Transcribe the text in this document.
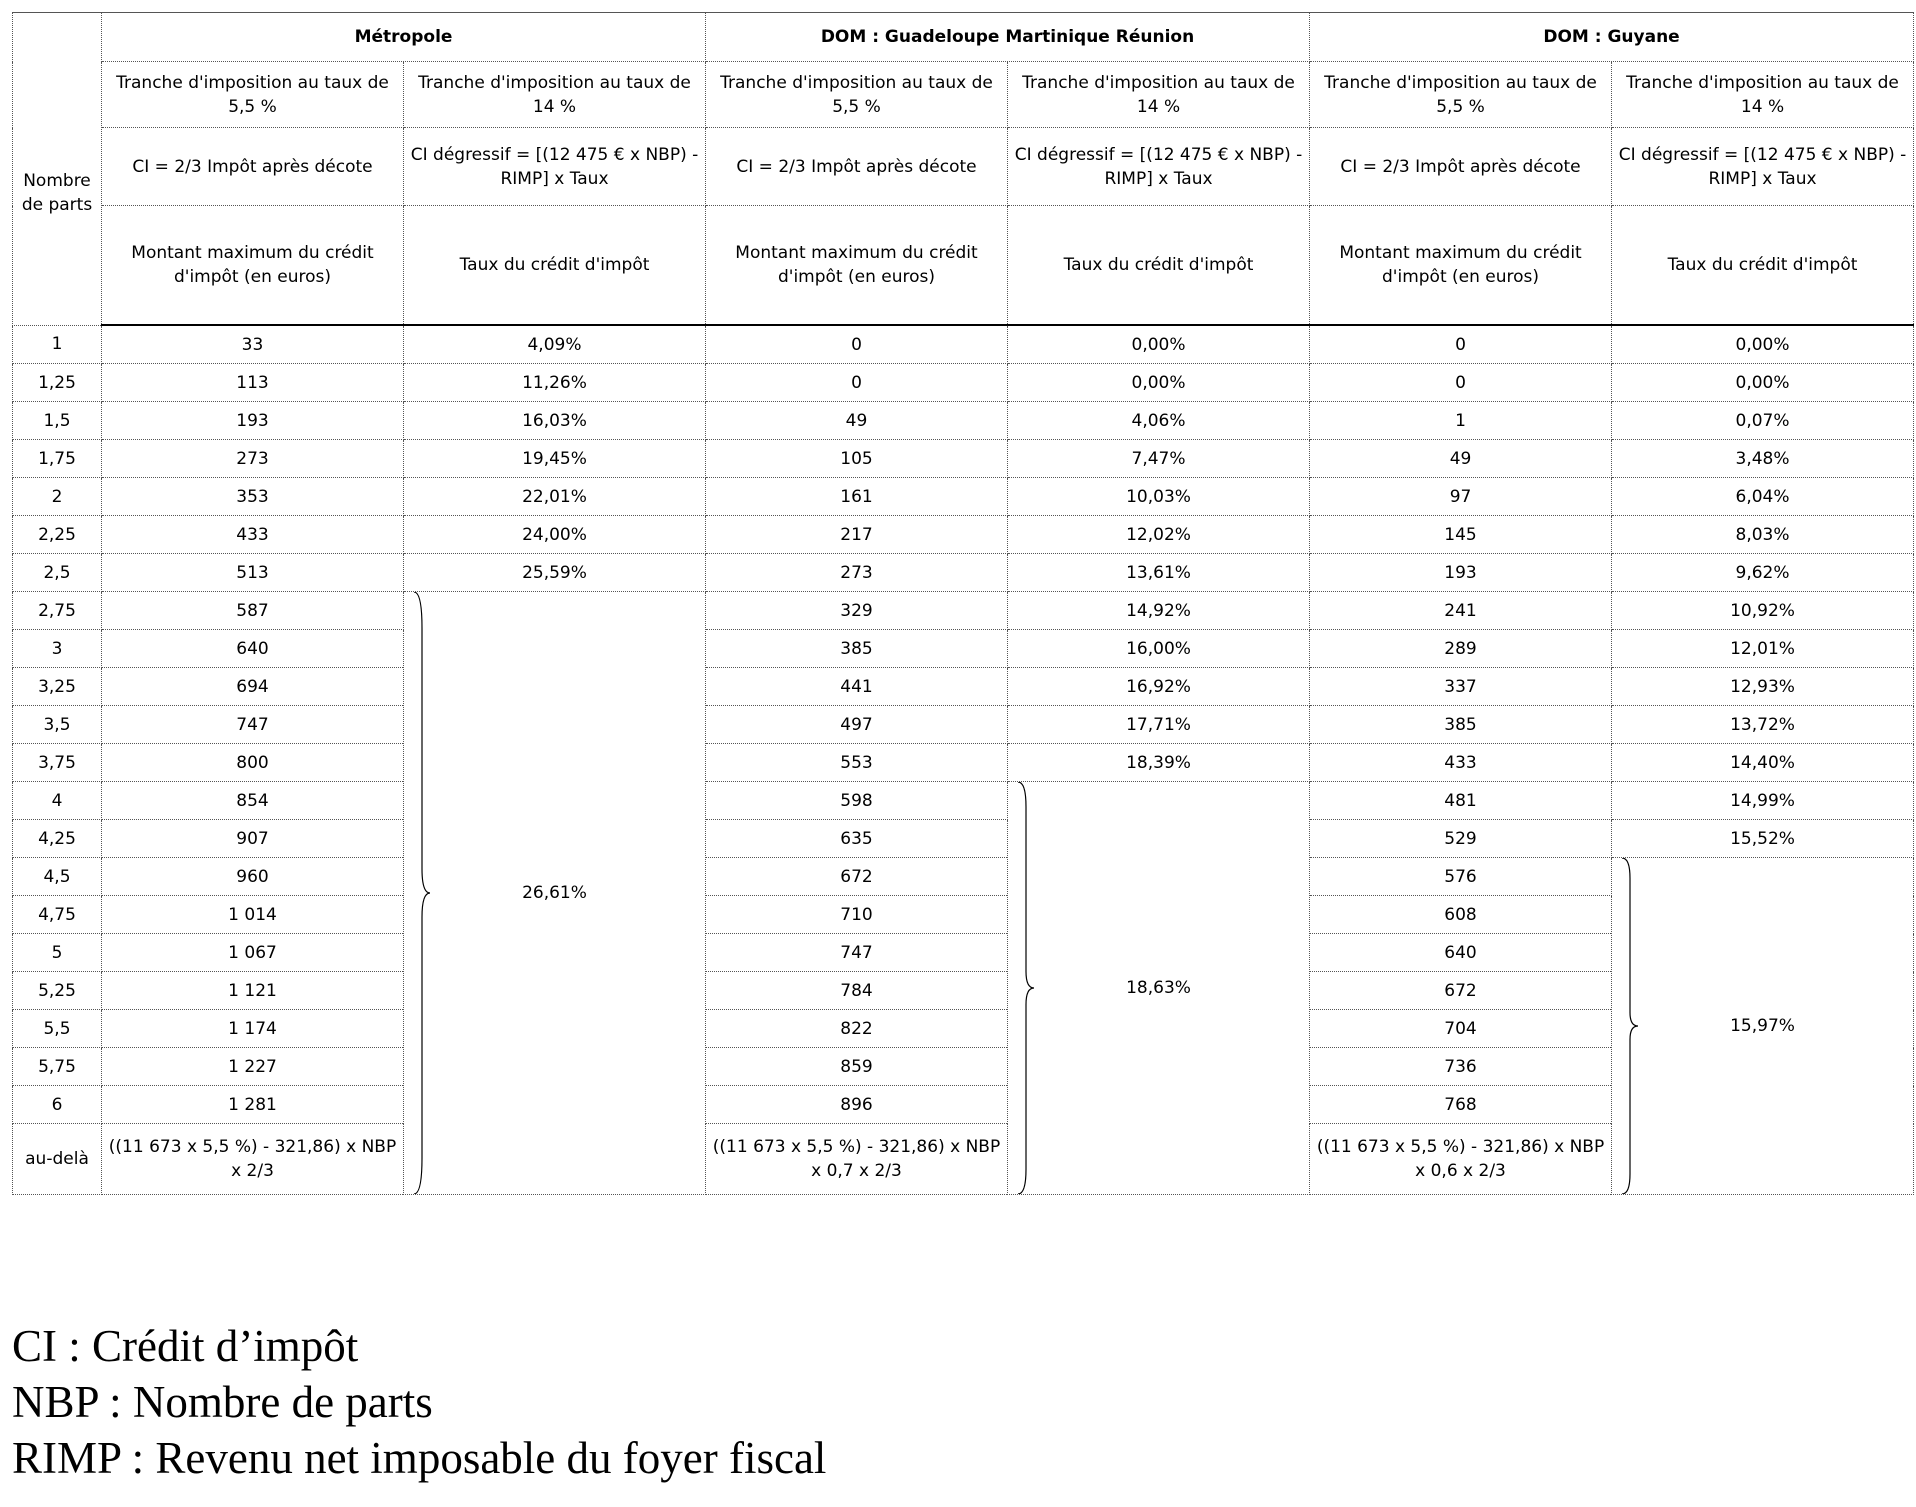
	Métropole		DOM : Guadeloupe Martinique Réunion		DOM : Guyane	
Nombre de parts	Tranche d'imposition au taux de 5,5 %	Tranche d'imposition au taux de 14 %	Tranche d'imposition au taux de 5,5 %	Tranche d'imposition au taux de 14 %	Tranche d'imposition au taux de 5,5 %	Tranche d'imposition au taux de 14 %
	CI = 2/3 Impôt après décote	CI dégressif = [(12 475 € x NBP) - RIMP] x Taux	CI = 2/3 Impôt après décote	CI dégressif = [(12 475 € x NBP) - RIMP] x Taux	CI = 2/3 Impôt après décote	CI dégressif = [(12 475 € x NBP) - RIMP] x Taux
	Montant maximum du crédit d'impôt (en euros)	Taux du crédit d'impôt	Montant maximum du crédit d'impôt (en euros)	Taux du crédit d'impôt	Montant maximum du crédit d'impôt (en euros)	Taux du crédit d'impôt
1	33	4,09%	0	0,00%	0	0,00%
1,25	113	11,26%	0	0,00%	0	0,00%
1,5	193	16,03%	49	4,06%	1	0,07%
1,75	273	19,45%	105	7,47%	49	3,48%
2	353	22,01%	161	10,03%	97	6,04%
2,25	433	24,00%	217	12,02%	145	8,03%
2,5	513	25,59%	273	13,61%	193	9,62%
2,75	587	26,61%	329	14,92%	241	10,92%
3	640		385	16,00%	289	12,01%
3,25	694		441	16,92%	337	12,93%
3,5	747		497	17,71%	385	13,72%
3,75	800		553	18,39%	433	14,40%
4	854		598	18,63%	481	14,99%
4,25	907		635		529	15,52%
4,5	960		672		576	15,97%
4,75	1 014		710		608	
5	1 067		747		640	
5,25	1 121		784		672	
5,5	1 174		822		704	
5,75	1 227		859		736	
6	1 281		896		768	
au-delà	((11 673 x 5,5 %) - 321,86) x NBP x 2/3		((11 673 x 5,5 %) - 321,86) x NBP x 0,7 x 2/3		((11 673 x 5,5 %) - 321,86) x NBP x 0,6 x 2/3	
CI : Crédit d’impôt
NBP : Nombre de parts
RIMP : Revenu net imposable du foyer fiscal
